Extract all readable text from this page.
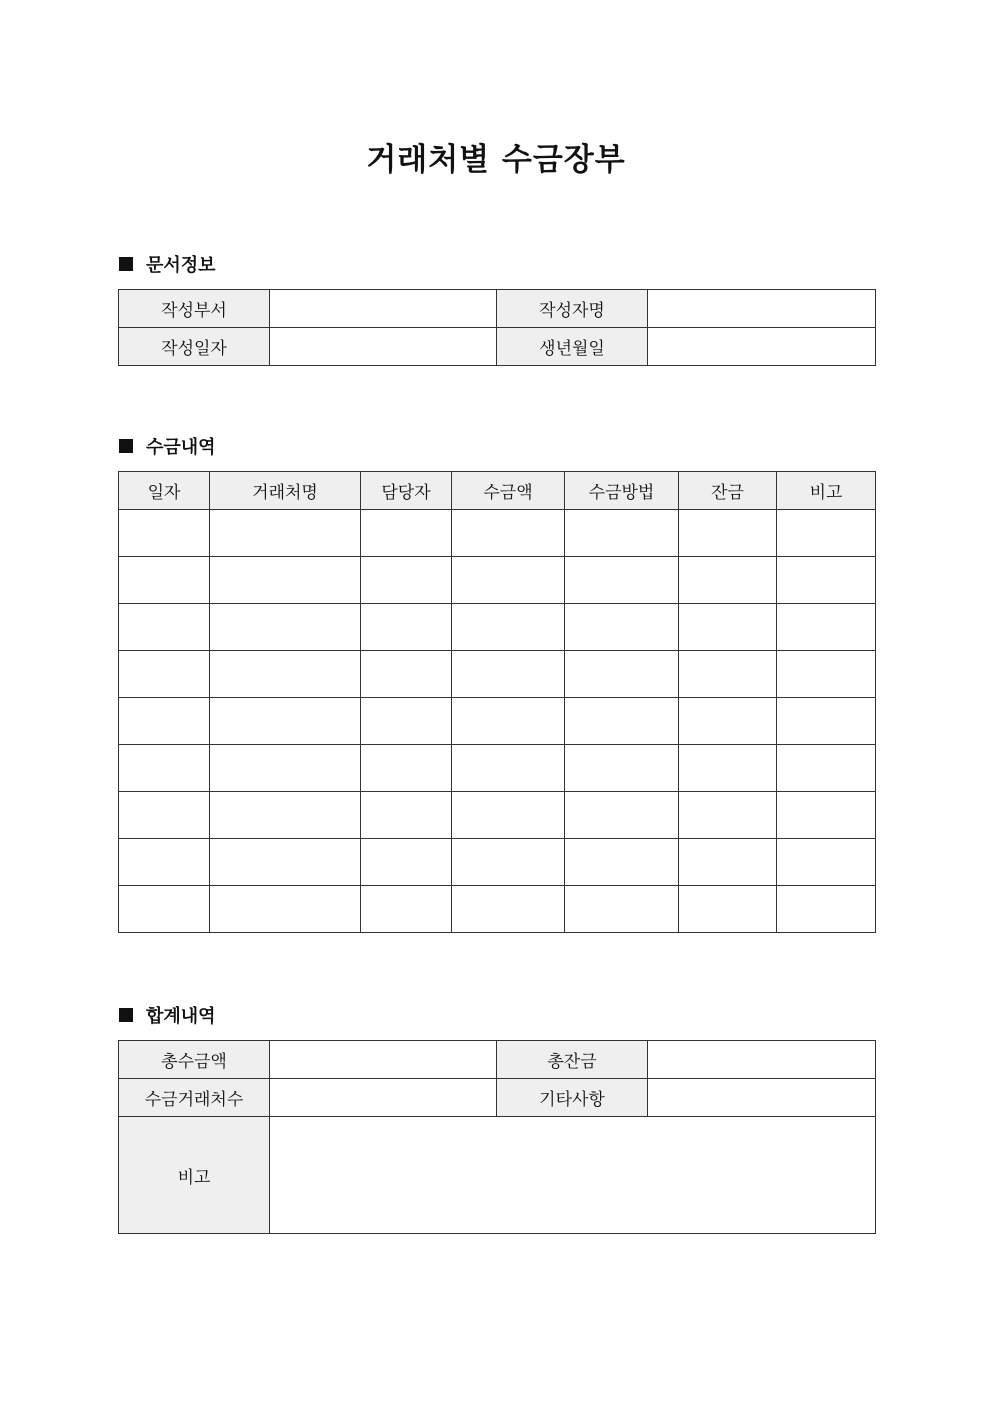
거래처별 수금장부
문서정보
작성부서		작성자명	
작성일자		생년월일	
수금내역
일자	거래처명	담당자	수금액	수금방법	잔금	비고

합계내역
총수금액		총잔금	
수금거래처수		기타사항	
비고			
